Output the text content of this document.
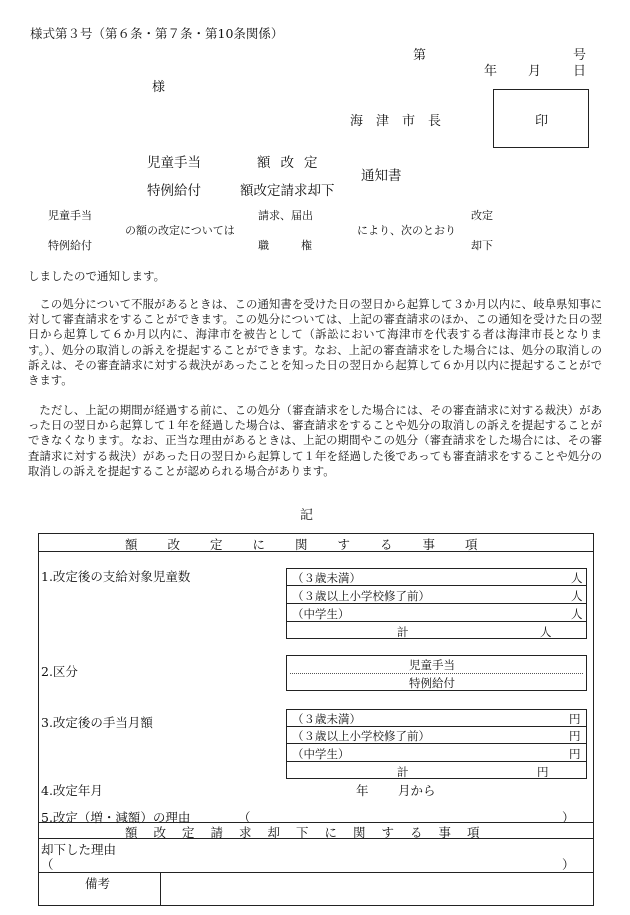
様式第３号（第６条・第７条・第10条関係）
第	号
年 月 日
様
海津市長	印
児童手当	額改定
通知書
特例給付	額改定請求却下
児童手当
特例給付
の額の改定については
請求、届出
職権
により、次のとおり
改定
却下
しましたので通知します。
この処分について不服があるときは、この通知書を受けた日の翌日から起算して３か月以内に、岐阜県知事に対して審査請求をすることができます。この処分については、上記の審査請求のほか、この通知を受けた日の翌日から起算して６か月以内に、海津市を被告として（訴訟において海津市を代表する者は海津市長となります。）、処分の取消しの訴えを提起することができます。なお、上記の審査請求をした場合には、処分の取消しの訴えは、その審査請求に対する裁決があったことを知った日の翌日から起算して６か月以内に提起することができます。
ただし、上記の期間が経過する前に、この処分（審査請求をした場合には、その審査請求に対する裁決）があった日の翌日から起算して１年を経過した場合は、審査請求をすることや処分の取消しの訴えを提起することができなくなります。なお、正当な理由があるときは、上記の期間やこの処分（審査請求をした場合には、その審査請求に対する裁決）があった日の翌日から起算して１年を経過した後であっても審査請求をすることや処分の取消しの訴えを提起することが認められる場合があります。
記
額改定に関する事項
1.改定後の支給対象児童数	（３歳未満）	人
（３歳以上小学校修了前）	人
（中学生）	人
計	人
2.区分	児童手当
特例給付
3.改定後の手当月額	（３歳未満）	円
（３歳以上小学校修了前）	円
（中学生）	円
計	円
4.改定年月	年 月から
5.改定（増・減額）の理由	（	）
額改定請求却下に関する事項
却下した理由
（	）
備考
